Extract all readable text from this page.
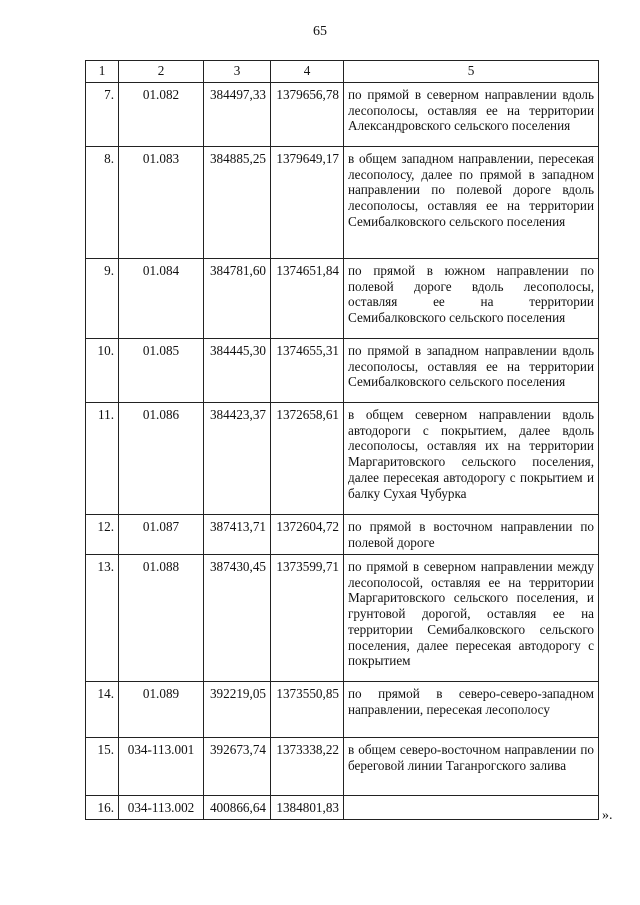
65
1	2	3	4	5
7.	01.082	384497,33	1379656,78	по прямой в северном направлении вдоль лесополосы, оставляя ее на территории Александровского сельского поселения
8.	01.083	384885,25	1379649,17	в общем западном направлении, пересекая лесополосу, далее по прямой в западном направлении по полевой дороге вдоль лесополосы, оставляя ее на территории Семибалковского сельского поселения
9.	01.084	384781,60	1374651,84	по прямой в южном направлении по полевой дороге вдоль лесополосы, оставляя ее на территории Семибалковского сельского поселения
10.	01.085	384445,30	1374655,31	по прямой в западном направлении вдоль лесополосы, оставляя ее на территории Семибалковского сельского поселения
11.	01.086	384423,37	1372658,61	в общем северном направлении вдоль автодороги с покрытием, далее вдоль лесополосы, оставляя их на территории Маргаритовского сельского поселения, далее пересекая автодорогу с покрытием и балку Сухая Чубурка
12.	01.087	387413,71	1372604,72	по прямой в восточном направлении по полевой дороге
13.	01.088	387430,45	1373599,71	по прямой в северном направлении между лесополосой, оставляя ее на территории Маргаритовского сельского поселения, и грунтовой дорогой, оставляя ее на территории Семибалковского сельского поселения, далее пересекая автодорогу с покрытием
14.	01.089	392219,05	1373550,85	по прямой в северо-северо-западном направлении, пересекая лесополосу
15.	034-113.001	392673,74	1373338,22	в общем северо-восточном направлении по береговой линии Таганрогского залива
16.	034-113.002	400866,64	1384801,83	
».
